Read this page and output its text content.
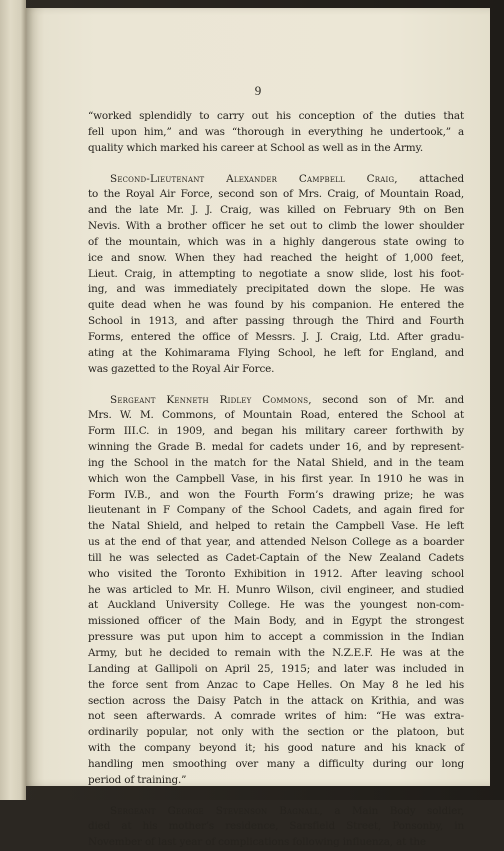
9

“worked splendidly to carry out his conception of the duties that
fell upon him,” and was “thorough in everything he undertook,” a
quality which marked his career at School as well as in the Army.

Second-Lieutenant Alexander Campbell Craig, attached
to the Royal Air Force, second son of Mrs. Craig, of Mountain Road,
and the late Mr. J. J. Craig, was killed on February 9th on Ben
Nevis. With a brother officer he set out to climb the lower shoulder
of the mountain, which was in a highly dangerous state owing to
ice and snow. When they had reached the height of 1,000 feet,
Lieut. Craig, in attempting to negotiate a snow slide, lost his foot-
ing, and was immediately precipitated down the slope. He was
quite dead when he was found by his companion. He entered the
School in 1913, and after passing through the Third and Fourth
Forms, entered the office of Messrs. J. J. Craig, Ltd. After gradu-
ating at the Kohimarama Flying School, he left for England, and
was gazetted to the Royal Air Force.

Sergeant Kenneth Ridley Commons, second son of Mr. and
Mrs. W. M. Commons, of Mountain Road, entered the School at
Form III.C. in 1909, and began his military career forthwith by
winning the Grade B. medal for cadets under 16, and by represent-
ing the School in the match for the Natal Shield, and in the team
which won the Campbell Vase, in his first year. In 1910 he was in
Form IV.B., and won the Fourth Form’s drawing prize; he was
lieutenant in F Company of the School Cadets, and again fired for
the Natal Shield, and helped to retain the Campbell Vase. He left
us at the end of that year, and attended Nelson College as a boarder
till he was selected as Cadet-Captain of the New Zealand Cadets
who visited the Toronto Exhibition in 1912. After leaving school
he was articled to Mr. H. Munro Wilson, civil engineer, and studied
at Auckland University College. He was the youngest non-com-
missioned officer of the Main Body, and in Egypt the strongest
pressure was put upon him to accept a commission in the Indian
Army, but he decided to remain with the N.Z.E.F. He was at the
Landing at Gallipoli on April 25, 1915; and later was included in
the force sent from Anzac to Cape Helles. On May 8 he led his
section across the Daisy Patch in the attack on Krithia, and was
not seen afterwards. A comrade writes of him: “He was extra-
ordinarily popular, not only with the section or the platoon, but
with the company beyond it; his good nature and his knack of
handling men smoothing over many a difficulty during our long
period of training.”

Sergeant George Stevenson Bagnall, a Main Body soldier,
died at his mother’s residence, Sarsfield Street, Ponsonby, in
November of last year of complications following influenza, at the
